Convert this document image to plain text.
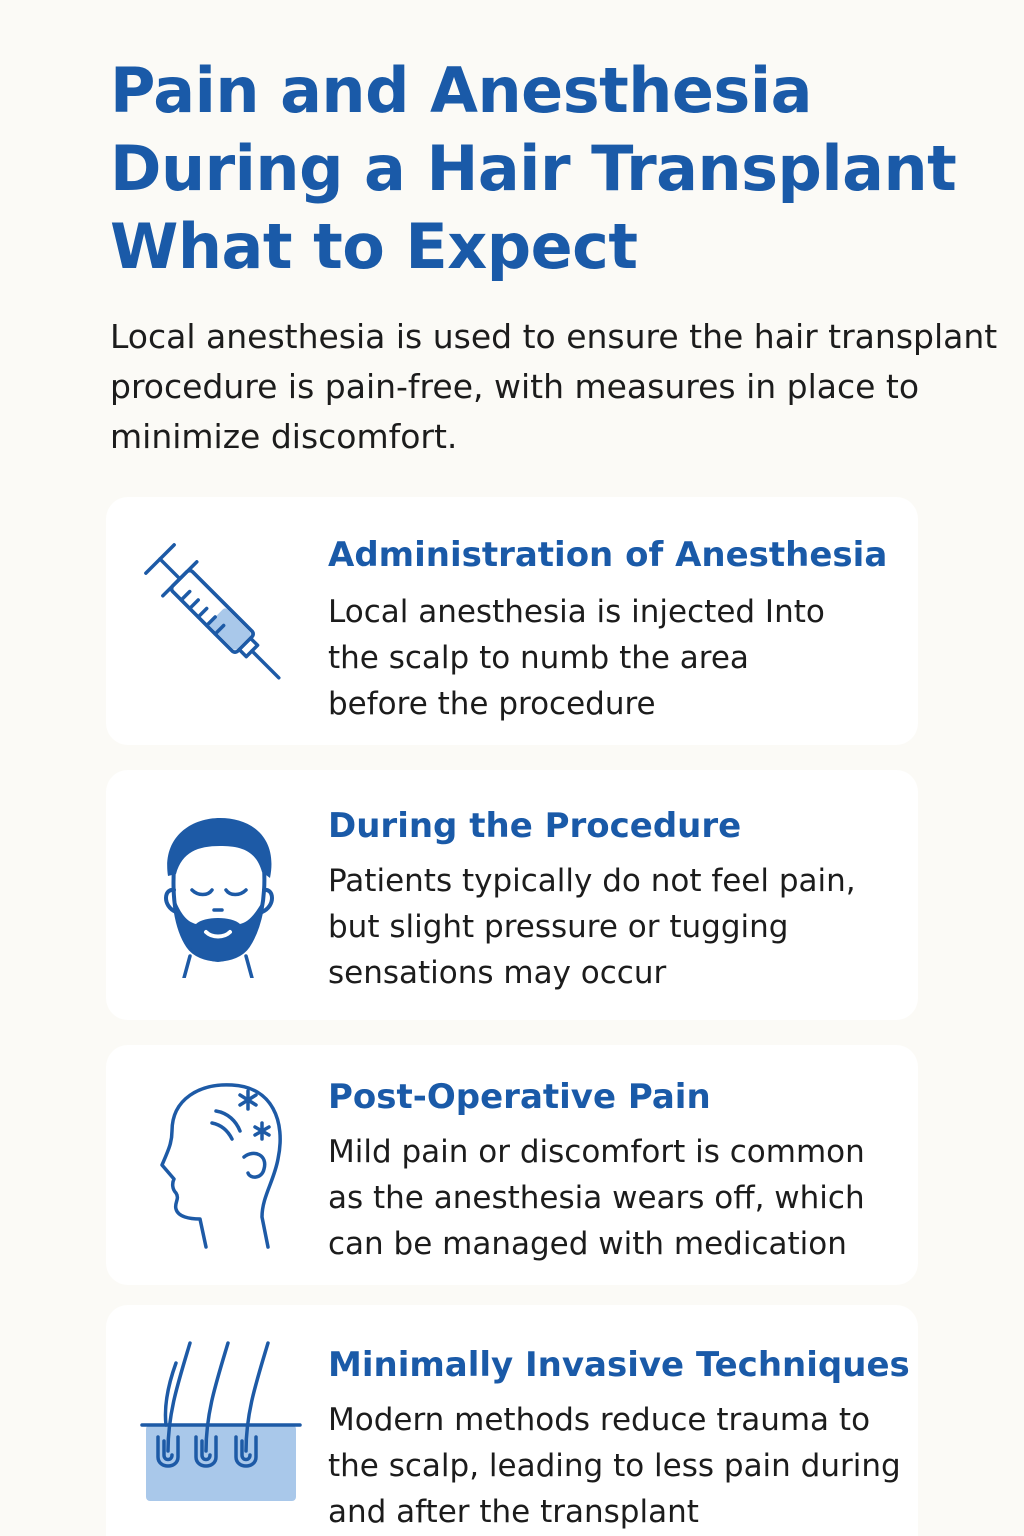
Pain and Anesthesia
During a Hair Transplant
What to Expect

Local anesthesia is used to ensure the hair transplant
procedure is pain-free, with measures in place to
minimize discomfort.

Administration of Anesthesia

Local anesthesia is injected Into
the scalp to numb the area
before the procedure

During the Procedure

Patients typically do not feel pain,
but slight pressure or tugging
sensations may occur

Post-Operative Pain

Mild pain or discomfort is common
as the anesthesia wears off, which
can be managed with medication

Minimally Invasive Techniques

Modern methods reduce trauma to
the scalp, leading to less pain during
and after the transplant
